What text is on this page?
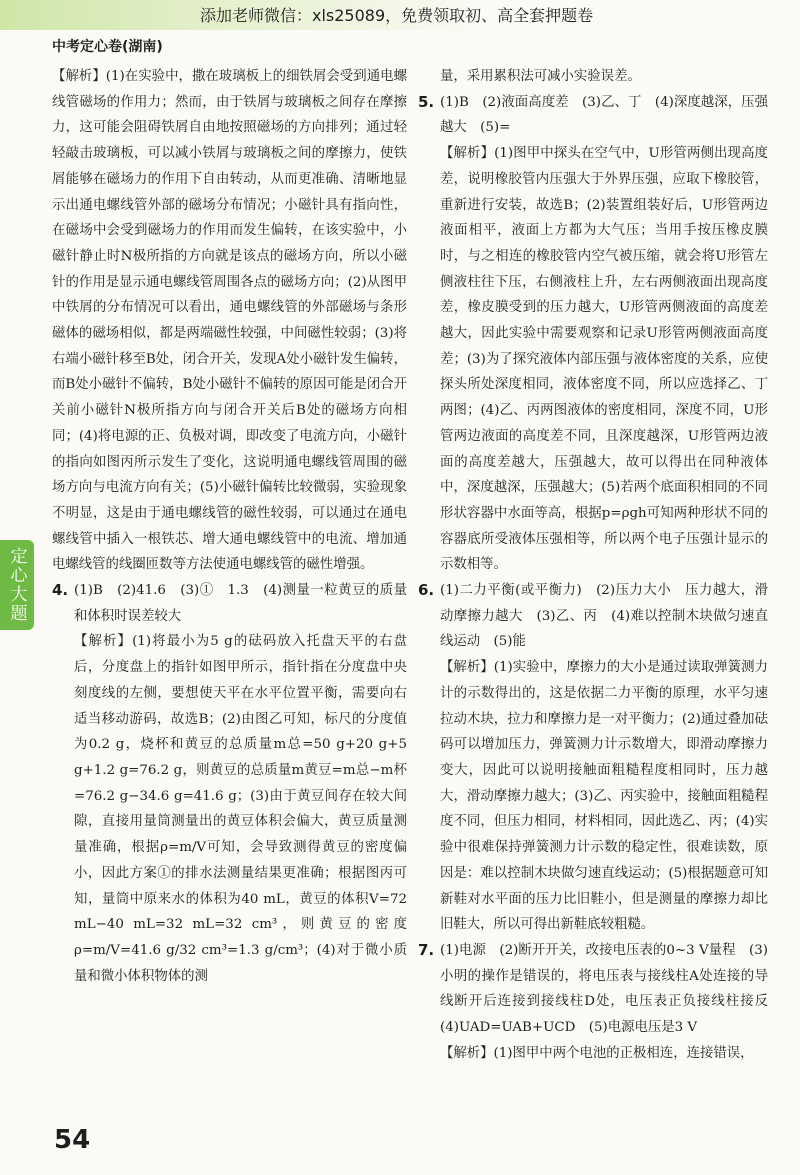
添加老师微信：xls25089，免费领取初、高全套押题卷
中考定心卷(湖南)
定心大题
54

【解析】(1)在实验中，撒在玻璃板上的细铁屑会受到通电螺线管磁场的作用力；然而，由于铁屑与玻璃板之间存在摩擦力，这可能会阻碍铁屑自由地按照磁场的方向排列；通过轻轻敲击玻璃板，可以减小铁屑与玻璃板之间的摩擦力，使铁屑能够在磁场力的作用下自由转动，从而更准确、清晰地显示出通电螺线管外部的磁场分布情况；小磁针具有指向性，在磁场中会受到磁场力的作用而发生偏转，在该实验中，小磁针静止时N极所指的方向就是该点的磁场方向，所以小磁针的作用是显示通电螺线管周围各点的磁场方向；(2)从图甲中铁屑的分布情况可以看出，通电螺线管的外部磁场与条形磁体的磁场相似，都是两端磁性较强，中间磁性较弱；(3)将右端小磁针移至B处，闭合开关，发现A处小磁针发生偏转，而B处小磁针不偏转，B处小磁针不偏转的原因可能是闭合开关前小磁针N极所指方向与闭合开关后B处的磁场方向相同；(4)将电源的正、负极对调，即改变了电流方向，小磁针的指向如图丙所示发生了变化，这说明通电螺线管周围的磁场方向与电流方向有关；(5)小磁针偏转比较微弱，实验现象不明显，这是由于通电螺线管的磁性较弱，可以通过在通电螺线管中插入一根铁芯、增大通电螺线管中的电流、增加通电螺线管的线圈匝数等方法使通电螺线管的磁性增强。

4. (1)B　(2)41.6　(3)①　1.3　(4)测量一粒黄豆的质量和体积时误差较大

【解析】(1)将最小为5 g的砝码放入托盘天平的右盘后，分度盘上的指针如图甲所示，指针指在分度盘中央刻度线的左侧，要想使天平在水平位置平衡，需要向右适当移动游码，故选B；(2)由图乙可知，标尺的分度值为0.2 g，烧杯和黄豆的总质量m总=50 g+20 g+5 g+1.2 g=76.2 g，则黄豆的总质量m黄豆=m总−m杯=76.2 g−34.6 g=41.6 g；(3)由于黄豆间存在较大间隙，直接用量筒测量出的黄豆体积会偏大，黄豆质量测量准确，根据ρ=m/V可知，会导致测得黄豆的密度偏小，因此方案①的排水法测量结果更准确；根据图丙可知，量筒中原来水的体积为40 mL，黄豆的体积V=72 mL−40 mL=32 mL=32 cm³，则黄豆的密度ρ=m/V=41.6 g/32 cm³=1.3 g/cm³；(4)对于微小质量和微小体积物体的测

量，采用累积法可减小实验误差。

5. (1)B　(2)液面高度差　(3)乙、丁　(4)深度越深，压强越大　(5)=

【解析】(1)图甲中探头在空气中，U形管两侧出现高度差，说明橡胶管内压强大于外界压强，应取下橡胶管，重新进行安装，故选B；(2)装置组装好后，U形管两边液面相平，液面上方都为大气压；当用手按压橡皮膜时，与之相连的橡胶管内空气被压缩，就会将U形管左侧液柱往下压，右侧液柱上升，左右两侧液面出现高度差，橡皮膜受到的压力越大，U形管两侧液面的高度差越大，因此实验中需要观察和记录U形管两侧液面高度差；(3)为了探究液体内部压强与液体密度的关系，应使探头所处深度相同，液体密度不同，所以应选择乙、丁两图；(4)乙、丙两图液体的密度相同，深度不同，U形管两边液面的高度差不同，且深度越深，U形管两边液面的高度差越大，压强越大，故可以得出在同种液体中，深度越深，压强越大；(5)若两个底面积相同的不同形状容器中水面等高，根据p=ρgh可知两种形状不同的容器底所受液体压强相等，所以两个电子压强计显示的示数相等。

6. (1)二力平衡(或平衡力)　(2)压力大小　压力越大，滑动摩擦力越大　(3)乙、丙　(4)难以控制木块做匀速直线运动　(5)能

【解析】(1)实验中，摩擦力的大小是通过读取弹簧测力计的示数得出的，这是依据二力平衡的原理，水平匀速拉动木块，拉力和摩擦力是一对平衡力；(2)通过叠加砝码可以增加压力，弹簧测力计示数增大，即滑动摩擦力变大，因此可以说明接触面粗糙程度相同时，压力越大，滑动摩擦力越大；(3)乙、丙实验中，接触面粗糙程度不同，但压力相同，材料相同，因此选乙、丙；(4)实验中很难保持弹簧测力计示数的稳定性，很难读数，原因是：难以控制木块做匀速直线运动；(5)根据题意可知新鞋对水平面的压力比旧鞋小，但是测量的摩擦力却比旧鞋大，所以可得出新鞋底较粗糙。

7. (1)电源　(2)断开开关，改接电压表的0~3 V量程　(3)小明的操作是错误的，将电压表与接线柱A处连接的导线断开后连接到接线柱D处，电压表正负接线柱接反　(4)UAD=UAB+UCD　(5)电源电压是3 V

【解析】(1)图甲中两个电池的正极相连，连接错误，
